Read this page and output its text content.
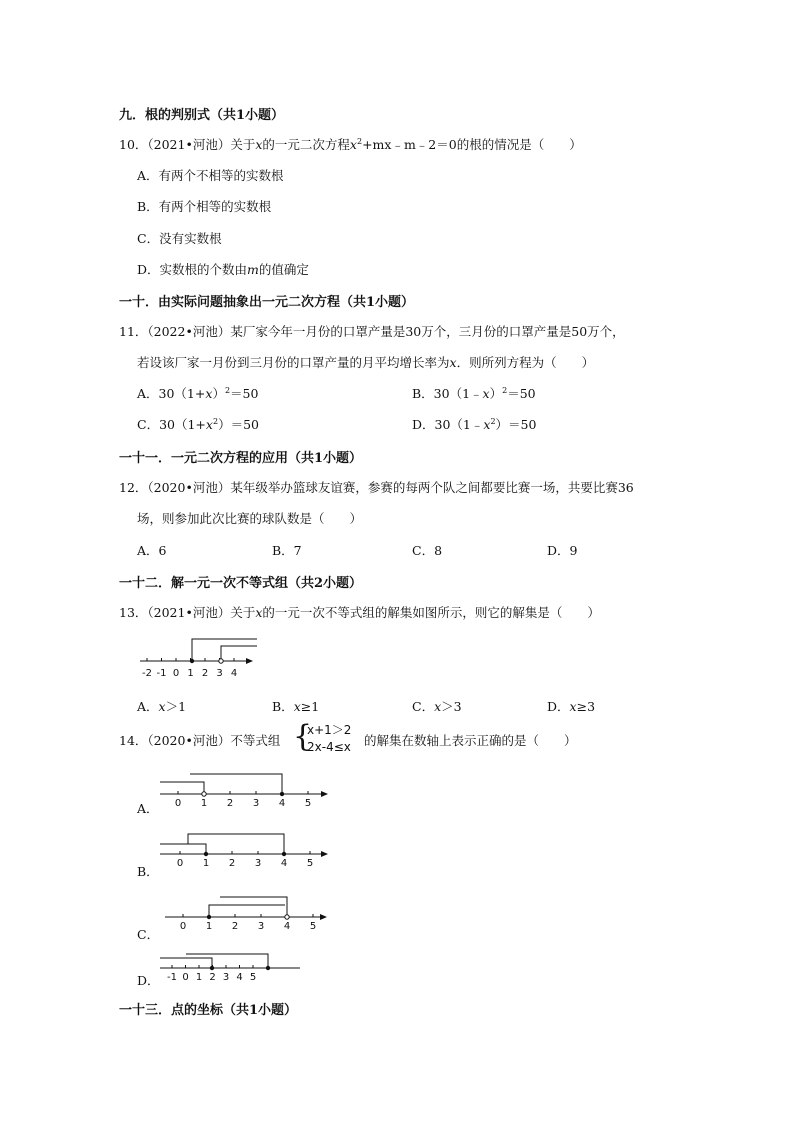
九．根的判别式（共1小题）
10．（2021•河池）关于x的一元二次方程$x^2+mx﹣m﹣2=0$的根的情况是（　　）
A．有两个不相等的实数根
B．有两个相等的实数根
C．没有实数根
D．实数根的个数由m的值确定
一十．由实际问题抽象出一元二次方程（共1小题）
11．（2022•河池）某厂家今年一月份的口罩产量是30万个，三月份的口罩产量是50万个，
若设该厂家一月份到三月份的口罩产量的月平均增长率为x．则所列方程为（　　）
A．$30(1+x)^2=50$	B．30（1﹣x）$^2$＝50
C．$30(1+x^2)=50$	D．$30(1﹣x^2)=50$
一十一．一元二次方程的应用（共1小题）
12．（2020•河池）某年级举办篮球友谊赛，参赛的每两个队之间都要比赛一场，共要比赛36
场，则参加此次比赛的球队数是（　　）
A．6	B．7	C．8	D．9
一十二．解一元一次不等式组（共2小题）
13．（2021•河池）关于x的一元一次不等式组的解集如图所示，则它的解集是（　　）
-2 -1 0 1 2 3 4
A．x＞1	B．x≥1	C．x＞3	D．x≥3
14．（2020•河池）不等式组 {
x+1＞2
2x-4≤x 的解集在数轴上表示正确的是（　　）
A． 0 1 2 3 4 5
B．
0 1 2 3 4 5
C．
0 1 2 3 4 5
D． -1 0 1 2 3 4 5
一十三．点的坐标（共1小题）
